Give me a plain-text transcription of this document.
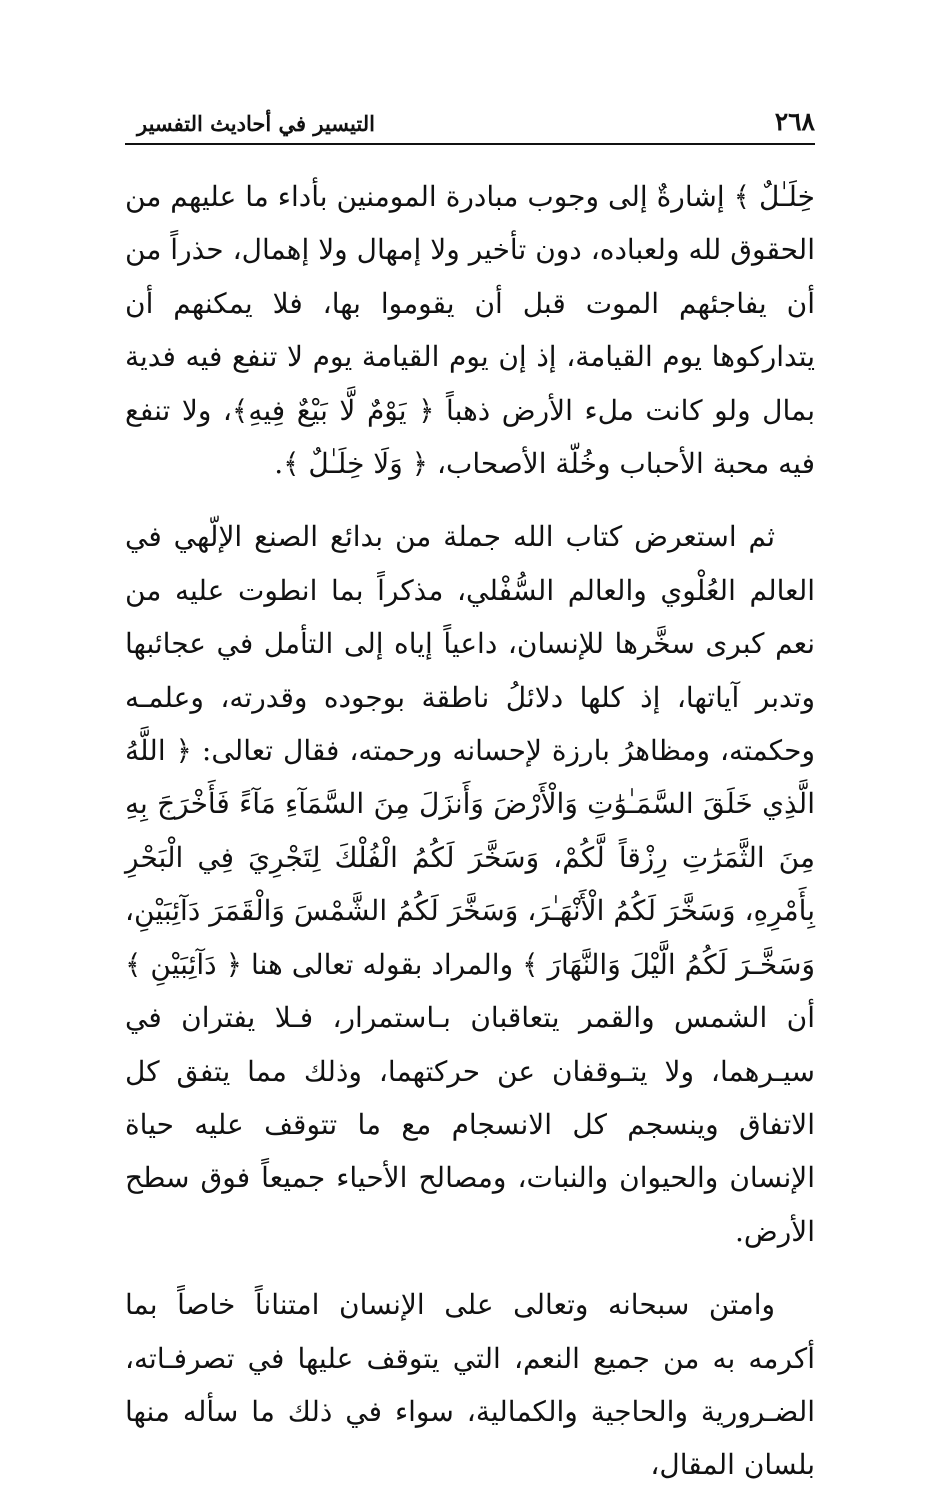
٢٦٨
التيسير في أحاديث التفسير

خِلَـٰلٌ ﴾ إشارةٌ إلى وجوب مبادرة المومنين بأداء ما عليهم من الحقوق لله ولعباده، دون تأخير ولا إمهال ولا إهمال، حذراً من أن يفاجئهم الموت قبل أن يقوموا بها، فلا يمكنهم أن يتداركوها يوم القيامة، إذ إن يوم القيامة يوم لا تنفع فيه فدية بمال ولو كانت ملء الأرض ذهباً ﴿ يَوْمٌ لَّا بَيْعٌ فِيهِ﴾، ولا تنفع فيه محبة الأحباب وخُلّة الأصحاب، ﴿ وَلَا خِلَـٰلٌ ﴾.

ثم استعرض كتاب الله جملة من بدائع الصنع الإلّهي في العالم العُلْوي والعالم السُّفْلي، مذكراً بما انطوت عليه من نعم كبرى سخَّرها للإنسان، داعياً إياه إلى التأمل في عجائبها وتدبر آياتها، إذ كلها دلائلُ ناطقة بوجوده وقدرته، وعلمـه وحكمته، ومظاهرُ بارزة لإحسانه ورحمته، فقال تعالى: ﴿ اللَّهُ الَّذِي خَلَقَ السَّمَـٰوَٰتِ وَالْأَرْضَ وَأَنزَلَ مِنَ السَّمَآءِ مَآءً فَأَخْرَجَ بِهِ مِنَ الثَّمَرَٰتِ رِزْقاً لَّكُمْ، وَسَخَّرَ لَكُمُ الْفُلْكَ لِتَجْرِيَ فِي الْبَحْرِ بِأَمْرِهِ، وَسَخَّرَ لَكُمُ الْأَنْهَـٰرَ، وَسَخَّرَ لَكُمُ الشَّمْسَ وَالْقَمَرَ دَآئِبَيْنِ، وَسَخَّـرَ لَكُمُ الَّيْلَ وَالنَّهَارَ ﴾ والمراد بقوله تعالى هنا ﴿ دَآئِبَيْنِ ﴾ أن الشمس والقمر يتعاقبان بـاستمرار، فـلا يفتران في سيـرهما، ولا يتـوقفان عن حركتهما، وذلك مما يتفق كل الاتفاق وينسجم كل الانسجام مع ما تتوقف عليه حياة الإنسان والحيوان والنبات، ومصالح الأحياء جميعاً فوق سطح الأرض.

وامتن سبحانه وتعالى على الإنسان امتناناً خاصاً بما أكرمه به من جميع النعم، التي يتوقف عليها في تصرفـاته، الضـرورية والحاجية والكمالية، سواء في ذلك ما سأله منها بلسان المقال،
